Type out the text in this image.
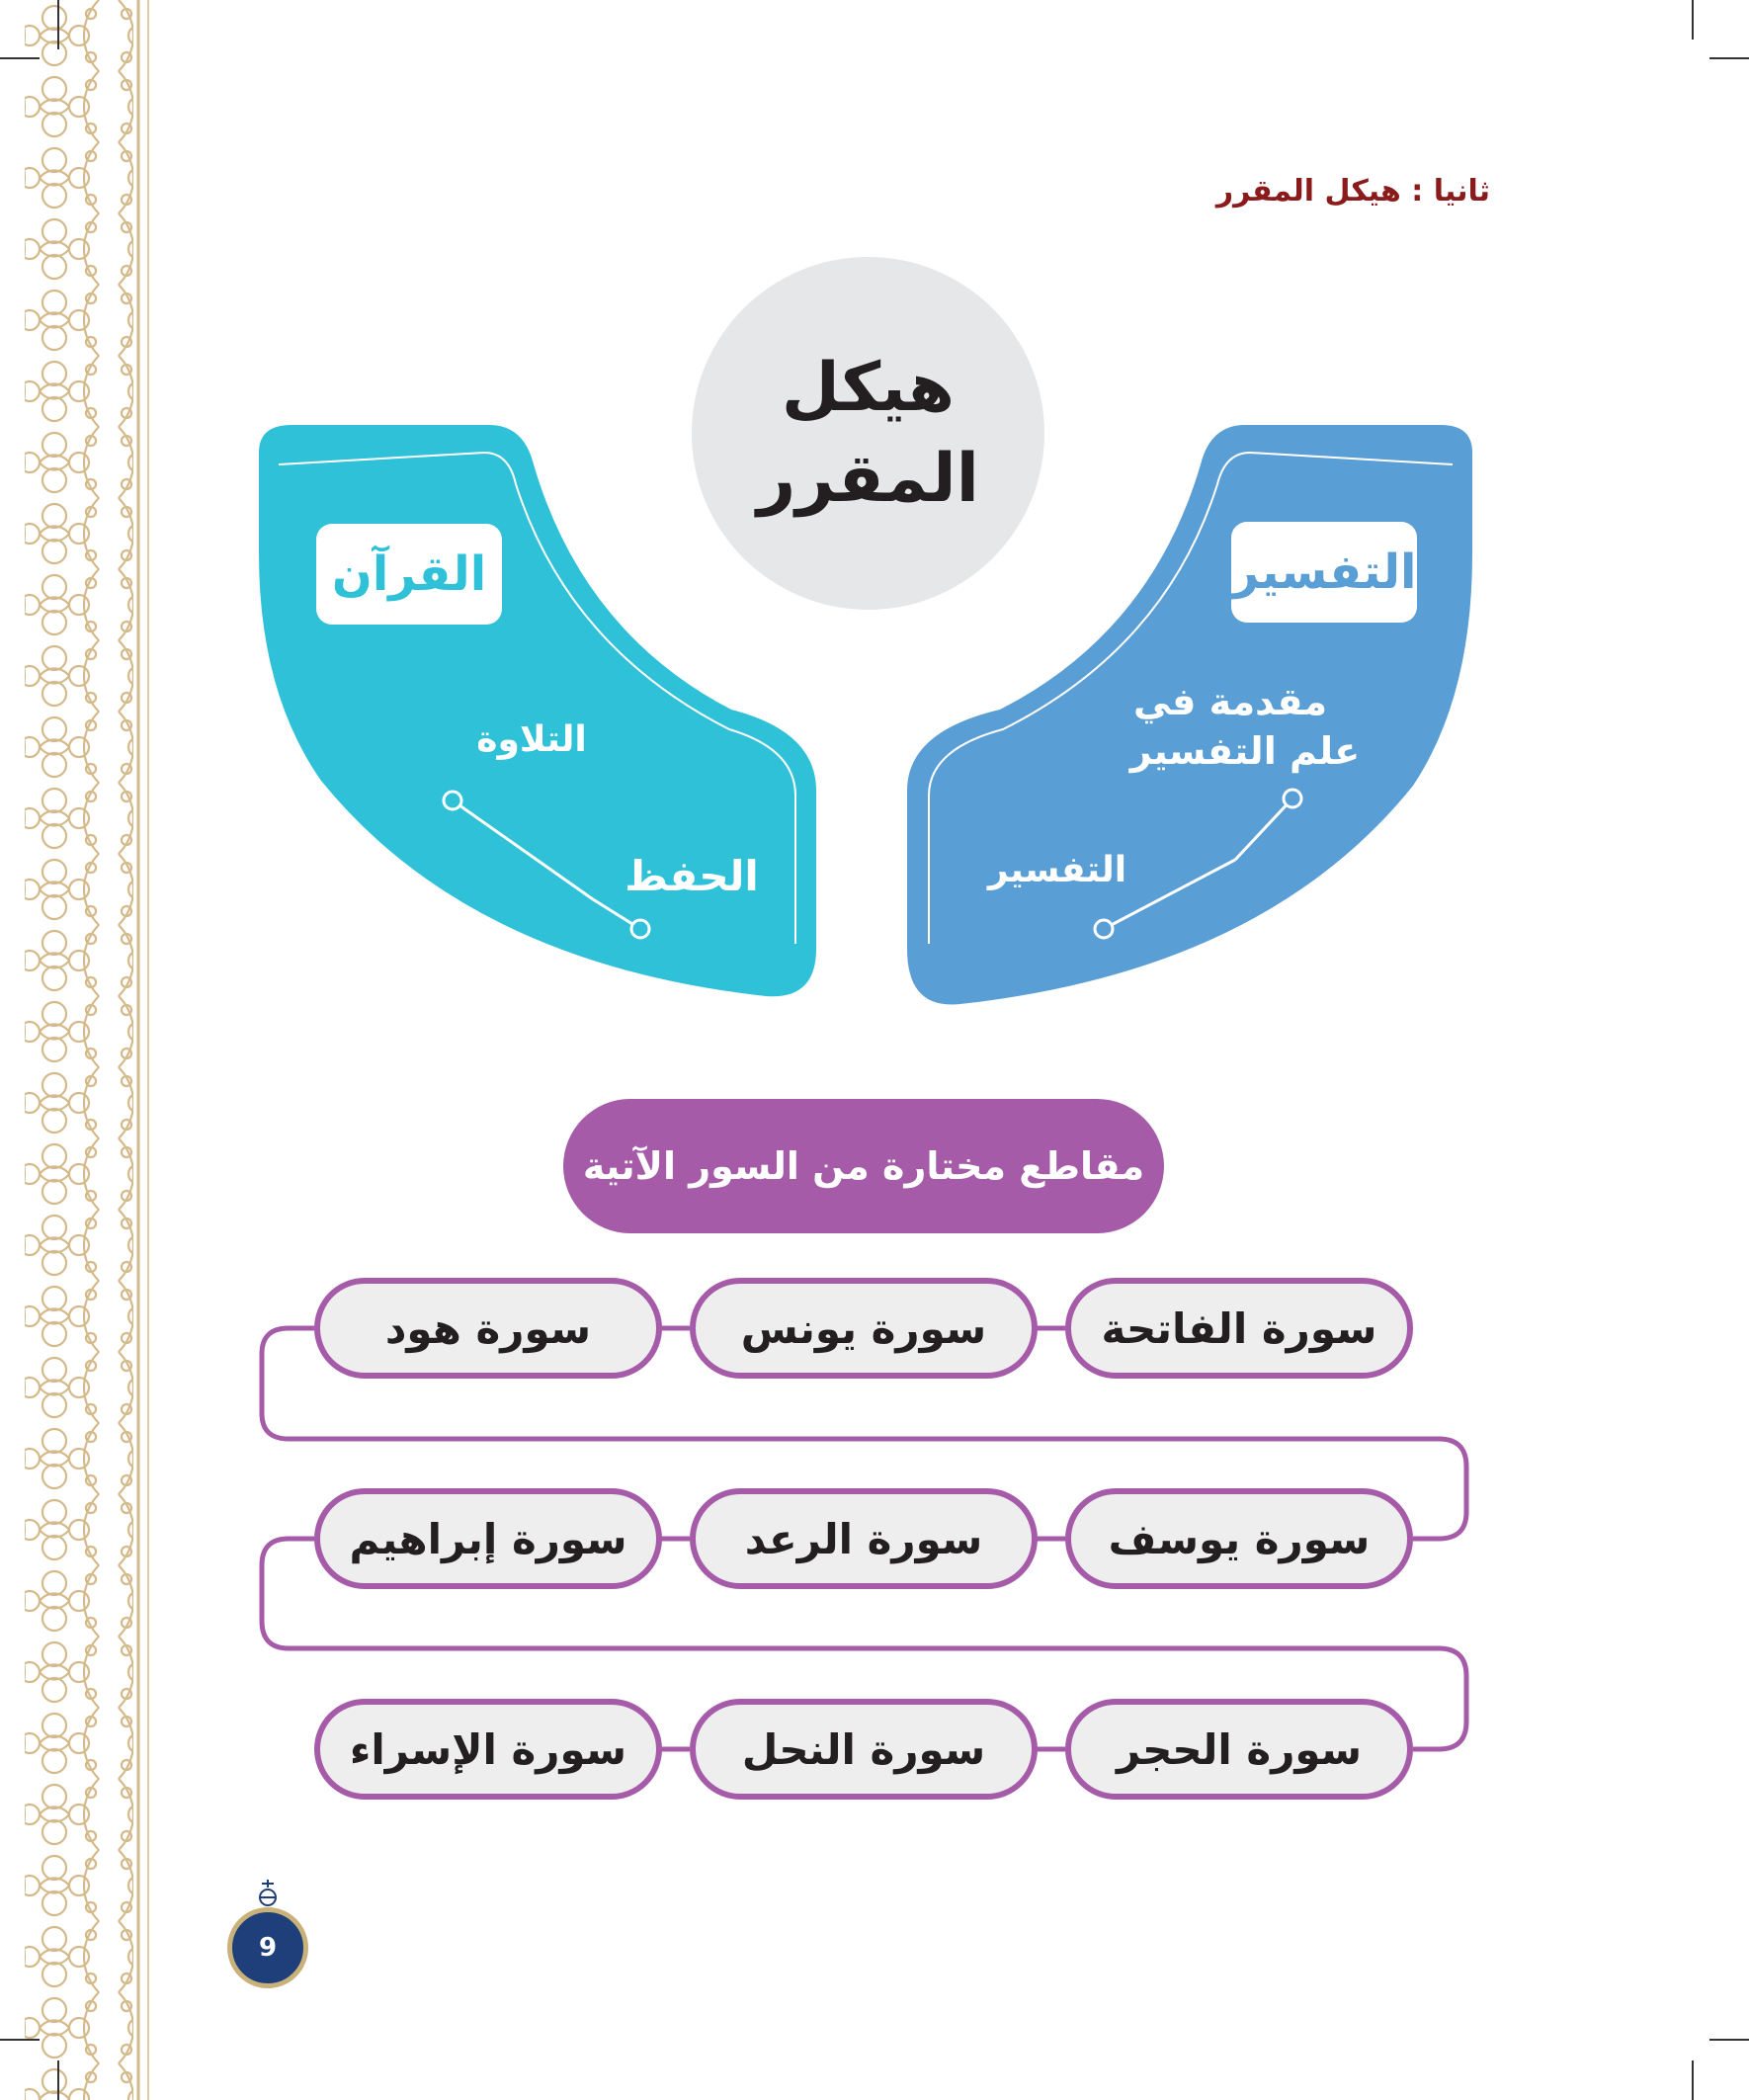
ثانيا : هيكل المقرر
هيكل
المقرر
القرآن
التلاوة
الحفظ
التفسير
مقدمة في
علم التفسير
التفسير
مقاطع مختارة من السور الآتية
سورة الفاتحة
سورة يونس
سورة هود
سورة يوسف
سورة الرعد
سورة إبراهيم
سورة الحجر
سورة النحل
سورة الإسراء
9
